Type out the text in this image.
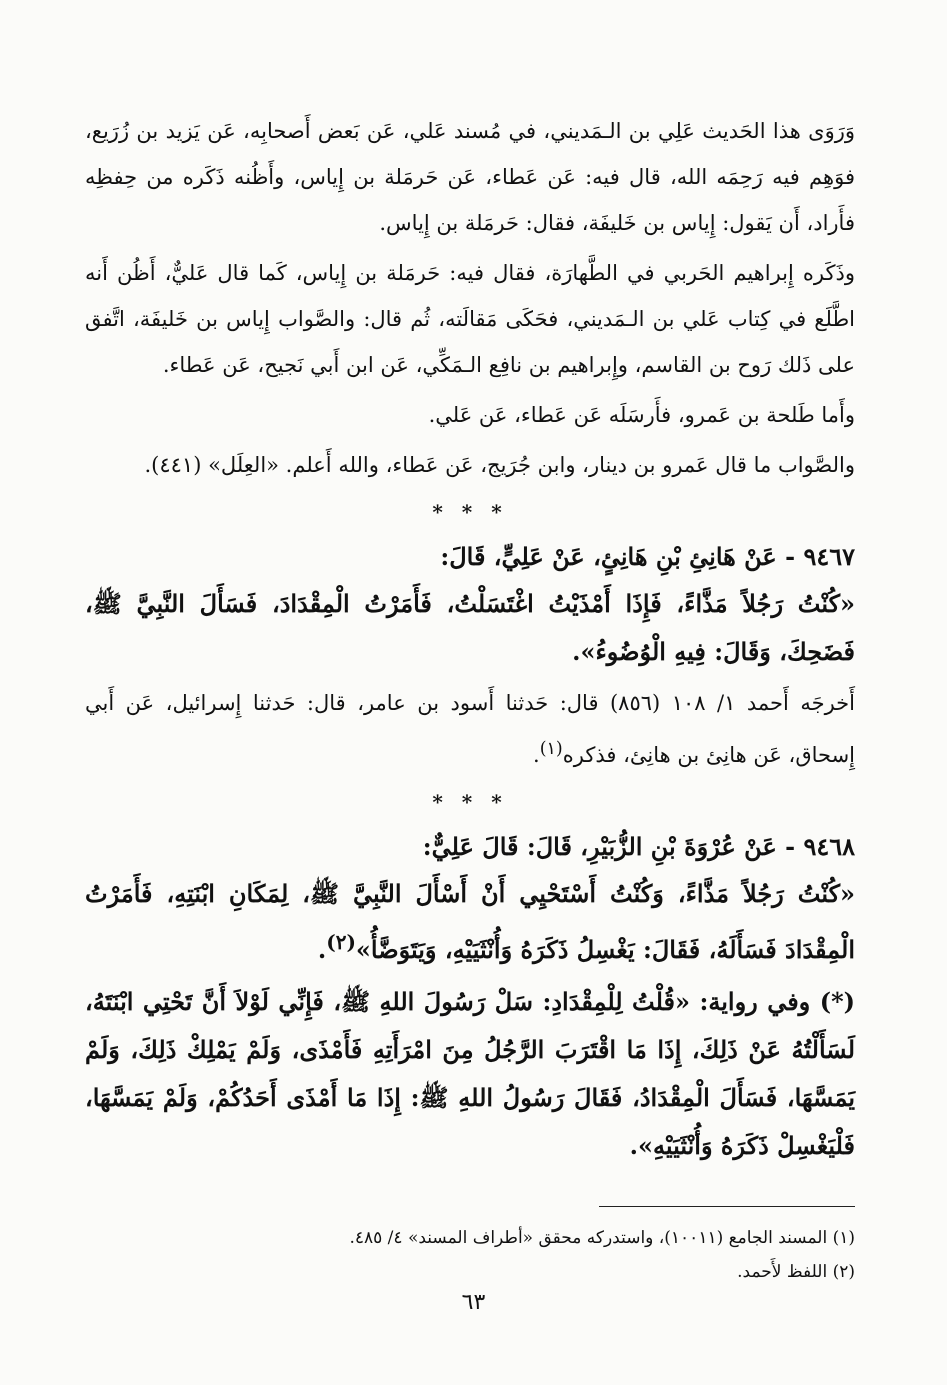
وَرَوَى هذا الحَديث عَلِي بن الـمَديني، في مُسند عَلي، عَن بَعض أَصحابِه، عَن يَزيد بن زُرَيع، فوَهِم فيه رَحِمَه الله، قال فيه: عَن عَطاء، عَن حَرمَلة بن إِياس، وأَظُنه ذَكَره من حِفظِه فأَراد، أَن يَقول: إِياس بن خَليفَة، فقال: حَرمَلة بن إِياس.

وذَكَره إِبراهيم الحَربي في الطَّهارَة، فقال فيه: حَرمَلة بن إِياس، كَما قال عَليٌّ، أَظُن أَنه اطَّلَع في كِتاب عَلي بن الـمَديني، فحَكَى مَقالَته، ثُم قال: والصَّواب إِياس بن خَليفَة، اتَّفق على ذَلك رَوح بن القاسم، وإِبراهيم بن نافِع الـمَكِّي، عَن ابن أَبي نَجيح، عَن عَطاء.

وأَما طَلحة بن عَمرو، فأَرسَلَه عَن عَطاء، عَن عَلي.

والصَّواب ما قال عَمرو بن دينار، وابن جُرَيج، عَن عَطاء، والله أَعلم. «العِلَل» (٤٤١).

* * *

٩٤٦٧ - عَنْ هَانِئِ بْنِ هَانِئٍ، عَنْ عَلِيٍّ، قَالَ:

«كُنْتُ رَجُلاً مَذَّاءً، فَإِذَا أَمْذَيْتُ اغْتَسَلْتُ، فَأَمَرْتُ الْمِقْدَادَ، فَسَأَلَ النَّبِيَّ ﷺ، فَضَحِكَ، وَقَالَ: فِيهِ الْوُضُوءُ».

أَخرجَه أَحمد ١/ ١٠٨ (٨٥٦) قال: حَدثنا أَسود بن عامر، قال: حَدثنا إِسرائيل، عَن أَبي إِسحاق، عَن هانِئ بن هانِئ، فذكره$^{(١)}$.

* * *

٩٤٦٨ - عَنْ عُرْوَةَ بْنِ الزُّبَيْرِ، قَالَ: قَالَ عَلِيٌّ:

«كُنْتُ رَجُلاً مَذَّاءً، وَكُنْتُ أَسْتَحْيِي أَنْ أَسْأَلَ النَّبِيَّ ﷺ، لِمَكَانِ ابْنَتِهِ، فَأَمَرْتُ الْمِقْدَادَ فَسَأَلَهُ، فَقَالَ: يَغْسِلُ ذَكَرَهُ وَأُنْثَيَيْهِ، وَيَتَوَضَّأُ»$^{(٢)}$.

(*) وفي رواية: «قُلْتُ لِلْمِقْدَادِ: سَلْ رَسُولَ اللهِ ﷺ، فَإِنِّي لَوْلاَ أَنَّ تَحْتِي ابْنَتَهُ، لَسَأَلْتُهُ عَنْ ذَلِكَ، إِذَا مَا اقْتَرَبَ الرَّجُلُ مِنَ امْرَأَتِهِ فَأَمْذَى، وَلَمْ يَمْلِكْ ذَلِكَ، وَلَمْ يَمَسَّهَا، فَسَأَلَ الْمِقْدَادُ، فَقَالَ رَسُولُ اللهِ ﷺ: إِذَا مَا أَمْذَى أَحَدُكُمْ، وَلَمْ يَمَسَّهَا، فَلْيَغْسِلْ ذَكَرَهُ وَأُنْثَيَيْهِ».

(١) المسند الجامع (١٠٠١١)، واستدركه محقق «أطراف المسند» ٤/ ٤٨٥.

(٢) اللفظ لأَحمد.

٦٣
